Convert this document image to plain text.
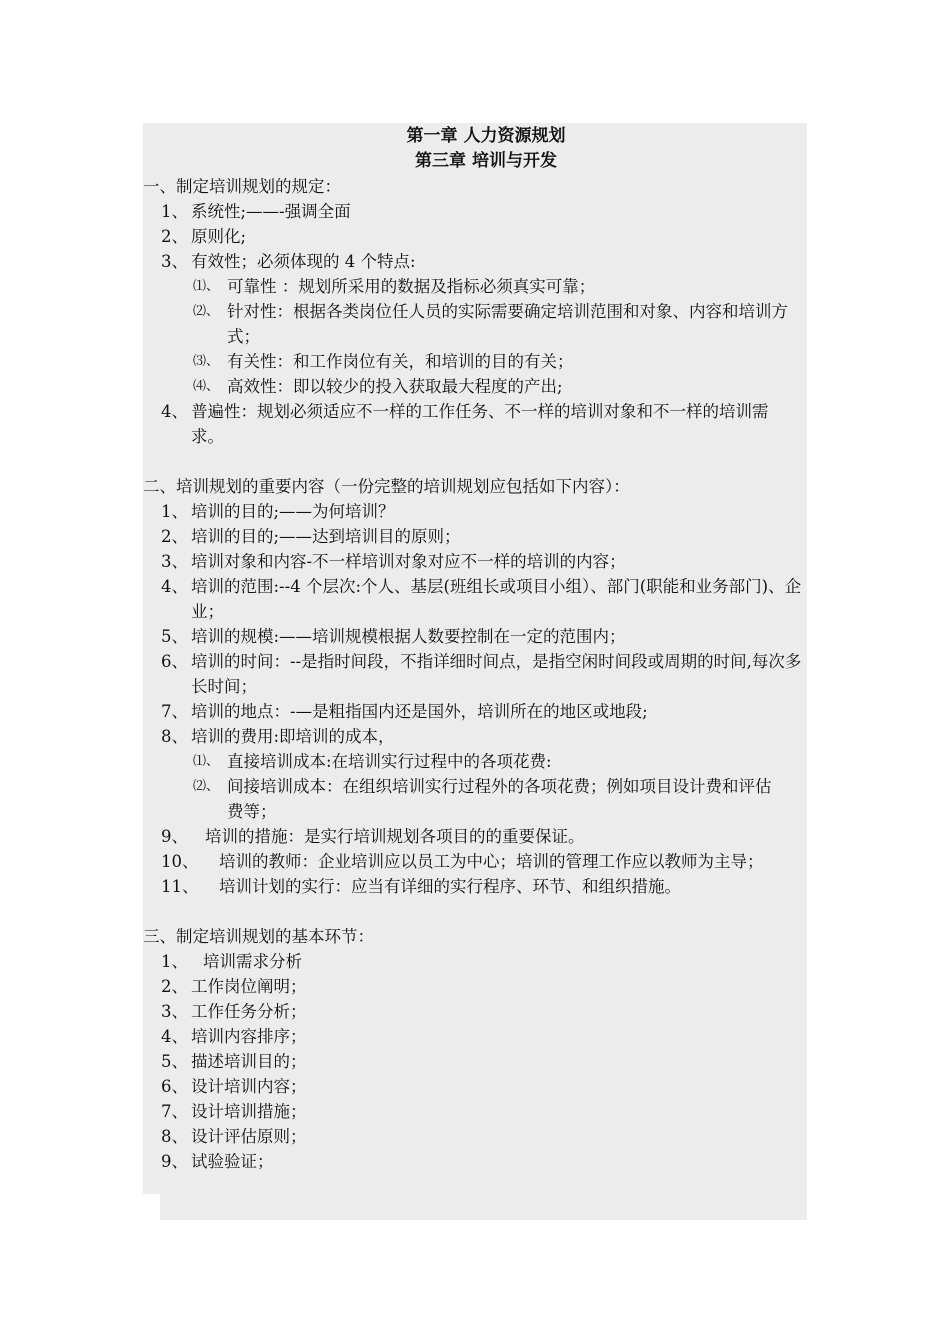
第一章 人力资源规划
第三章 培训与开发
一、制定培训规划的规定：
1、 系统性;——-强调全面
2、 原则化;
3、 有效性；必须体现的 4 个特点:
⑴、 可靠性 ：规划所采用的数据及指标必须真实可靠；
⑵、 针对性：根据各类岗位任人员的实际需要确定培训范围和对象、内容和培训方式；
⑶、 有关性：和工作岗位有关，和培训的目的有关；
⑷、 高效性：即以较少的投入获取最大程度的产出;
4、 普遍性：规划必须适应不一样的工作任务、不一样的培训对象和不一样的培训需求。
二、培训规划的重要内容（一份完整的培训规划应包括如下内容）：
1、 培训的目的;——为何培训？
2、 培训的目的;——达到培训目的原则；
3、 培训对象和内容-不一样培训对象对应不一样的培训的内容；
4、 培训的范围:--4 个层次:个人、基层(班组长或项目小组）、部门(职能和业务部门)、企业；
5、 培训的规模:——培训规模根据人数要控制在一定的范围内；
6、 培训的时间：--是指时间段，不指详细时间点，是指空闲时间段或周期的时间,每次多长时间；
7、 培训的地点：-—是粗指国内还是国外，培训所在的地区或地段;
8、 培训的费用:即培训的成本，
⑴、 直接培训成本:在培训实行过程中的各项花费:
⑵、 间接培训成本：在组织培训实行过程外的各项花费；例如项目设计费和评估费等；
9、 培训的措施：是实行培训规划各项目的的重要保证。
10、	培训的教师：企业培训应以员工为中心；培训的管理工作应以教师为主导；
11、 培训计划的实行：应当有详细的实行程序、环节、和组织措施。
三、制定培训规划的基本环节：
1、 培训需求分析
2、 工作岗位阐明；
3、 工作任务分析；
4、 培训内容排序；
5、 描述培训目的；
6、 设计培训内容；
7、 设计培训措施；
8、 设计评估原则；
9、 试验验证；
